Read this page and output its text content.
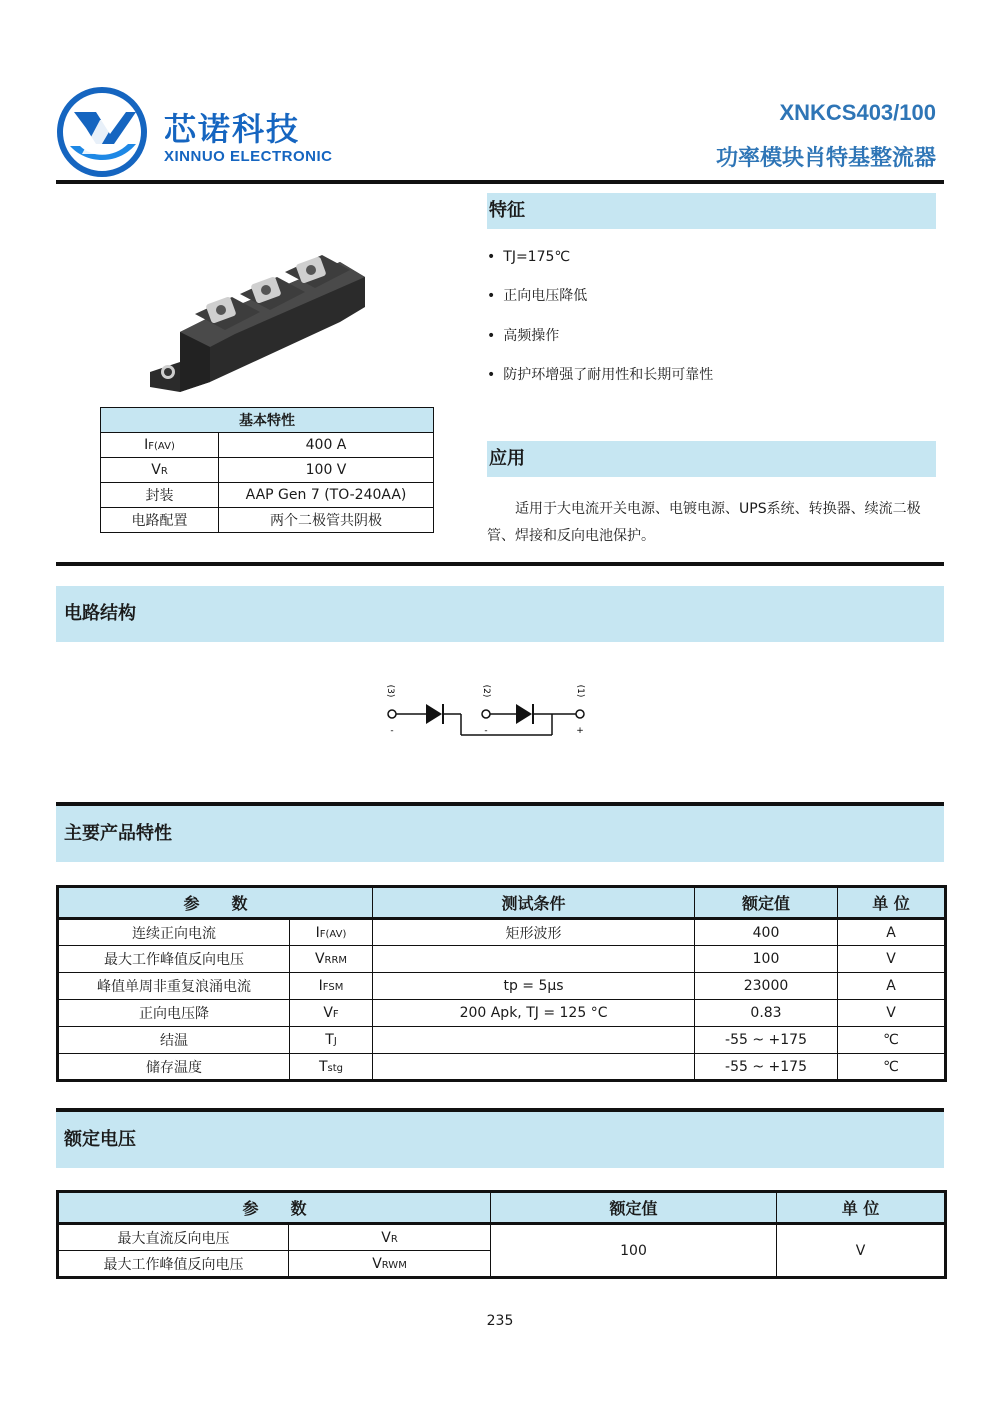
芯诺科技
XINNUO ELECTRONIC
XNKCS403/100
功率模块肖特基整流器
基本特性	
IF(AV)	400 A
VR	100 V
封装	AAP Gen 7 (TO-240AA)
电路配置	两个二极管共阴极
特征
• TJ=175℃
• 正向电压降低
• 高频操作
• 防护环增强了耐用性和长期可靠性
应用

适用于大电流开关电源、电镀电源、UPS系统、转换器、续流二极管、焊接和反向电池保护。

电路结构
(3)
-
(2)
-
(1)
+
主要产品特性
参　　数		测试条件	额定值	单 位
连续正向电流	IF(AV)	矩形波形	400	A
最大工作峰值反向电压	VRRM		100	V
峰值单周非重复浪涌电流	IFSM	tp = 5μs	23000	A
正向电压降	VF	200 Apk, TJ = 125 °C	0.83	V
结温	TJ		-55 ~ +175	℃
储存温度	Tstg		-55 ~ +175	℃
额定电压
参　　数		额定值	单 位
最大直流反向电压	VR	100	V
最大工作峰值反向电压	VRWM		
235
